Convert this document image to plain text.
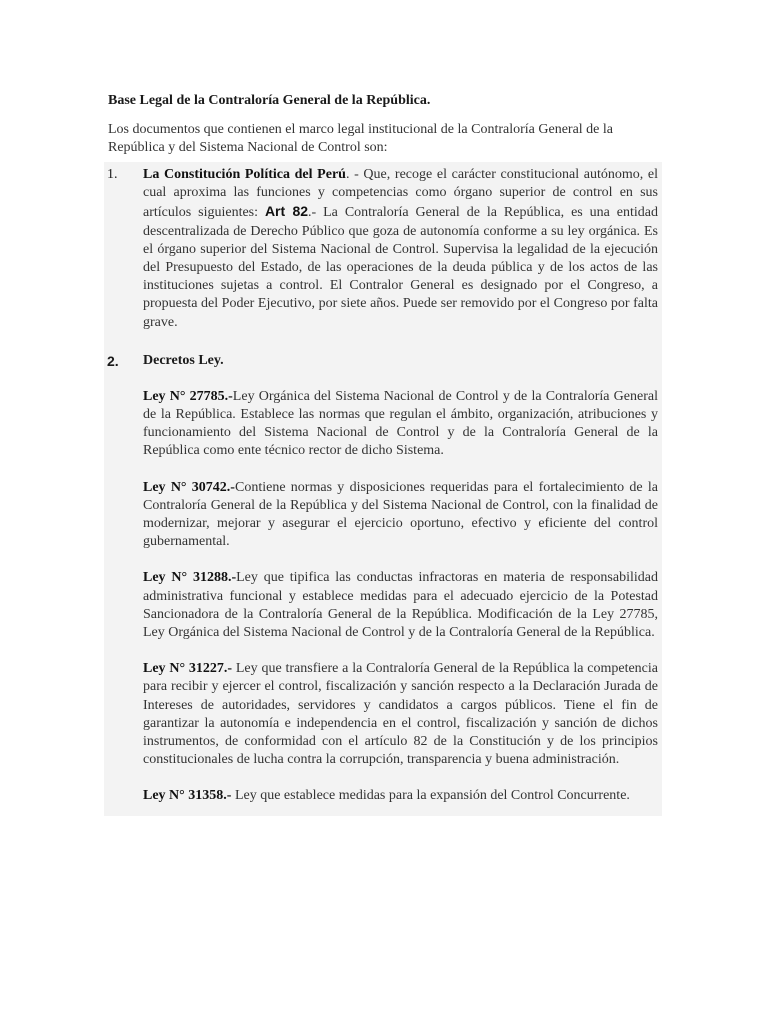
Base Legal de la Contraloría General de la República.
Los documentos que contienen el marco legal institucional de la Contraloría General de la República y del Sistema Nacional de Control son:
1. La Constitución Política del Perú. - Que, recoge el carácter constitucional autónomo, el cual aproxima las funciones y competencias como órgano superior de control en sus artículos siguientes: Art 82.- La Contraloría General de la República, es una entidad descentralizada de Derecho Público que goza de autonomía conforme a su ley orgánica. Es el órgano superior del Sistema Nacional de Control. Supervisa la legalidad de la ejecución del Presupuesto del Estado, de las operaciones de la deuda pública y de los actos de las instituciones sujetas a control. El Contralor General es designado por el Congreso, a propuesta del Poder Ejecutivo, por siete años. Puede ser removido por el Congreso por falta grave.

2. Decretos Ley.

Ley N° 27785.-Ley Orgánica del Sistema Nacional de Control y de la Contraloría General de la República. Establece las normas que regulan el ámbito, organización, atribuciones y funcionamiento del Sistema Nacional de Control y de la Contraloría General de la República como ente técnico rector de dicho Sistema.

Ley N° 30742.-Contiene normas y disposiciones requeridas para el fortalecimiento de la Contraloría General de la República y del Sistema Nacional de Control, con la finalidad de modernizar, mejorar y asegurar el ejercicio oportuno, efectivo y eficiente del control gubernamental.

Ley N° 31288.-Ley que tipifica las conductas infractoras en materia de responsabilidad administrativa funcional y establece medidas para el adecuado ejercicio de la Potestad Sancionadora de la Contraloría General de la República. Modificación de la Ley 27785, Ley Orgánica del Sistema Nacional de Control y de la Contraloría General de la República.

Ley N° 31227.- Ley que transfiere a la Contraloría General de la República la competencia para recibir y ejercer el control, fiscalización y sanción respecto a la Declaración Jurada de Intereses de autoridades, servidores y candidatos a cargos públicos. Tiene el fin de garantizar la autonomía e independencia en el control, fiscalización y sanción de dichos instrumentos, de conformidad con el artículo 82 de la Constitución y de los principios constitucionales de lucha contra la corrupción, transparencia y buena administración.

Ley N° 31358.- Ley que establece medidas para la expansión del Control Concurrente.
